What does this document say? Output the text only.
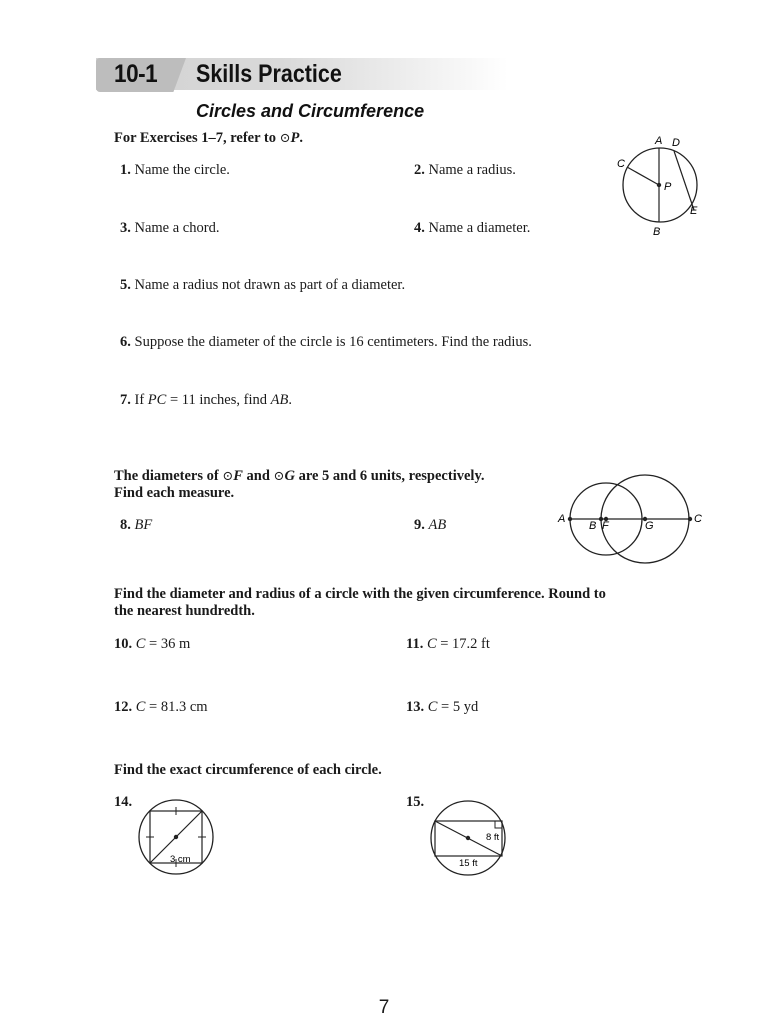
10-1 Skills Practice
Circles and Circumference
For Exercises 1–7, refer to ⊙P.
1. Name the circle.	2. Name a radius.
3. Name a chord.	4. Name a diameter.
5. Name a radius not drawn as part of a diameter.
6. Suppose the diameter of the circle is 16 centimeters. Find the radius.
7. If PC = 11 inches, find AB.
A D
C
P
E
B
The diameters of ⊙F and ⊙G are 5 and 6 units, respectively.
Find each measure.
8. BF	9. AB	A
B F	G
C
Find the diameter and radius of a circle with the given circumference. Round to
the nearest hundredth.
10. C = 36 m	11. C = 17.2 ft
12. C = 81.3 cm	13. C = 5 yd
Find the exact circumference of each circle.
14.	15.
3 cm
8 ft
15 ft
7
